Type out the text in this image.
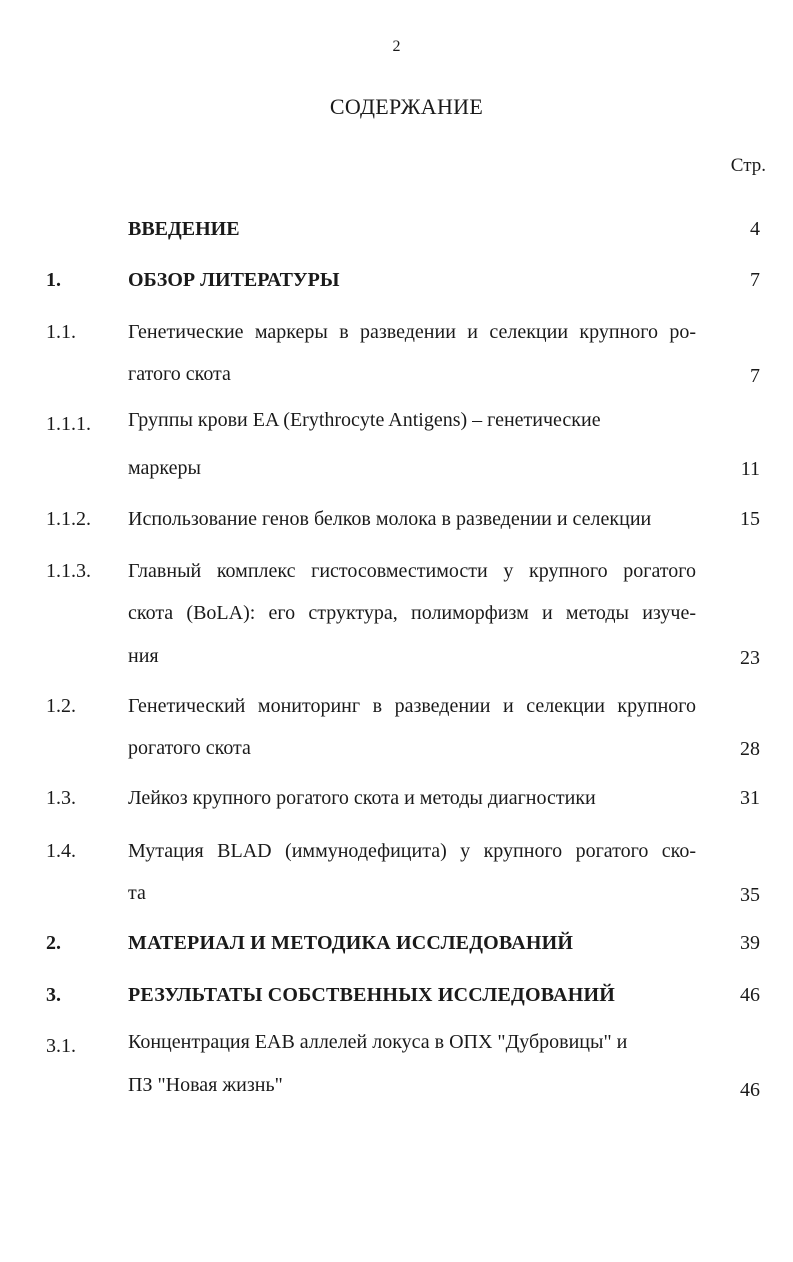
2
СОДЕРЖАНИЕ
Стр.
ВВЕДЕНИЕ	4
1.	ОБЗОР ЛИТЕРАТУРЫ	7
1.1.	Генетические маркеры в разведении и селекции крупного ро-
гатого скота	7
1.1.1. Группы крови EA (Erythrocyte Antigens) – генетические
маркеры	11
1.1.2. Использование генов белков молока в разведении и селекции	15
1.1.3. Главный комплекс гистосовместимости у крупного рогатого
скота (BoLA): его структура, полиморфизм и методы изуче-
ния	23
1.2.	Генетический мониторинг в разведении и селекции крупного
рогатого скота	28
1.3.	Лейкоз крупного рогатого скота и методы диагностики	31
1.4.	Мутация BLAD (иммунодефицита) у крупного рогатого ско-
та	35
2.	МАТЕРИАЛ И МЕТОДИКА ИССЛЕДОВАНИЙ	39
3.	РЕЗУЛЬТАТЫ СОБСТВЕННЫХ ИССЛЕДОВАНИЙ	46
3.1.	Концентрация EAB аллелей локуса в ОПХ "Дубровицы" и
ПЗ "Новая жизнь"	46
